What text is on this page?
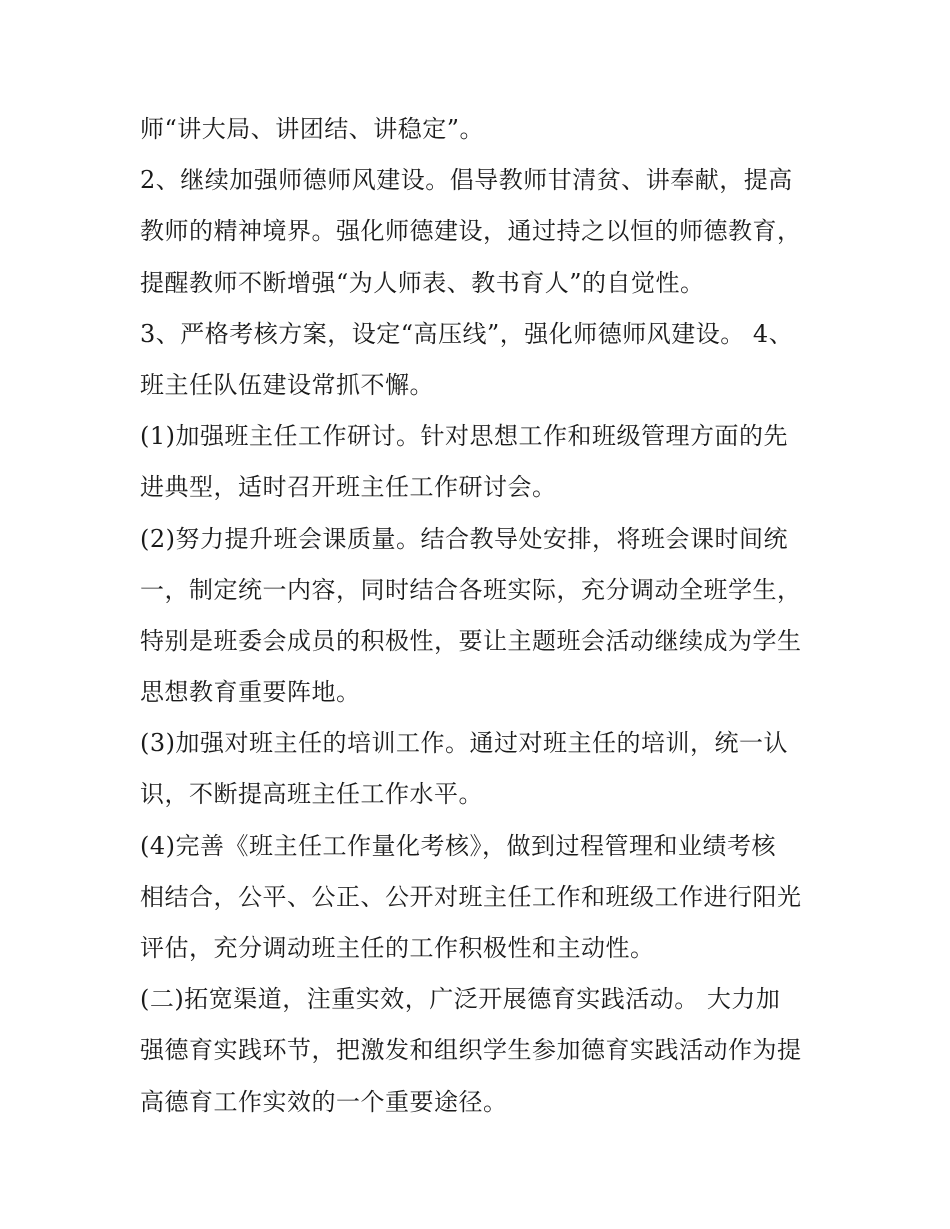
师“讲大局、讲团结、讲稳定”。
2、继续加强师德师风建设。倡导教师甘清贫、讲奉献，提高
教师的精神境界。强化师德建设，通过持之以恒的师德教育，
提醒教师不断增强“为人师表、教书育人”的自觉性。
3、严格考核方案，设定“高压线”，强化师德师风建设。 4、
班主任队伍建设常抓不懈。
(1)加强班主任工作研讨。针对思想工作和班级管理方面的先
进典型，适时召开班主任工作研讨会。
(2)努力提升班会课质量。结合教导处安排，将班会课时间统
一，制定统一内容，同时结合各班实际，充分调动全班学生，
特别是班委会成员的积极性，要让主题班会活动继续成为学生
思想教育重要阵地。
(3)加强对班主任的培训工作。通过对班主任的培训，统一认
识，不断提高班主任工作水平。
(4)完善《班主任工作量化考核》，做到过程管理和业绩考核
相结合，公平、公正、公开对班主任工作和班级工作进行阳光
评估，充分调动班主任的工作积极性和主动性。
(二)拓宽渠道，注重实效，广泛开展德育实践活动。 大力加
强德育实践环节，把激发和组织学生参加德育实践活动作为提
高德育工作实效的一个重要途径。
